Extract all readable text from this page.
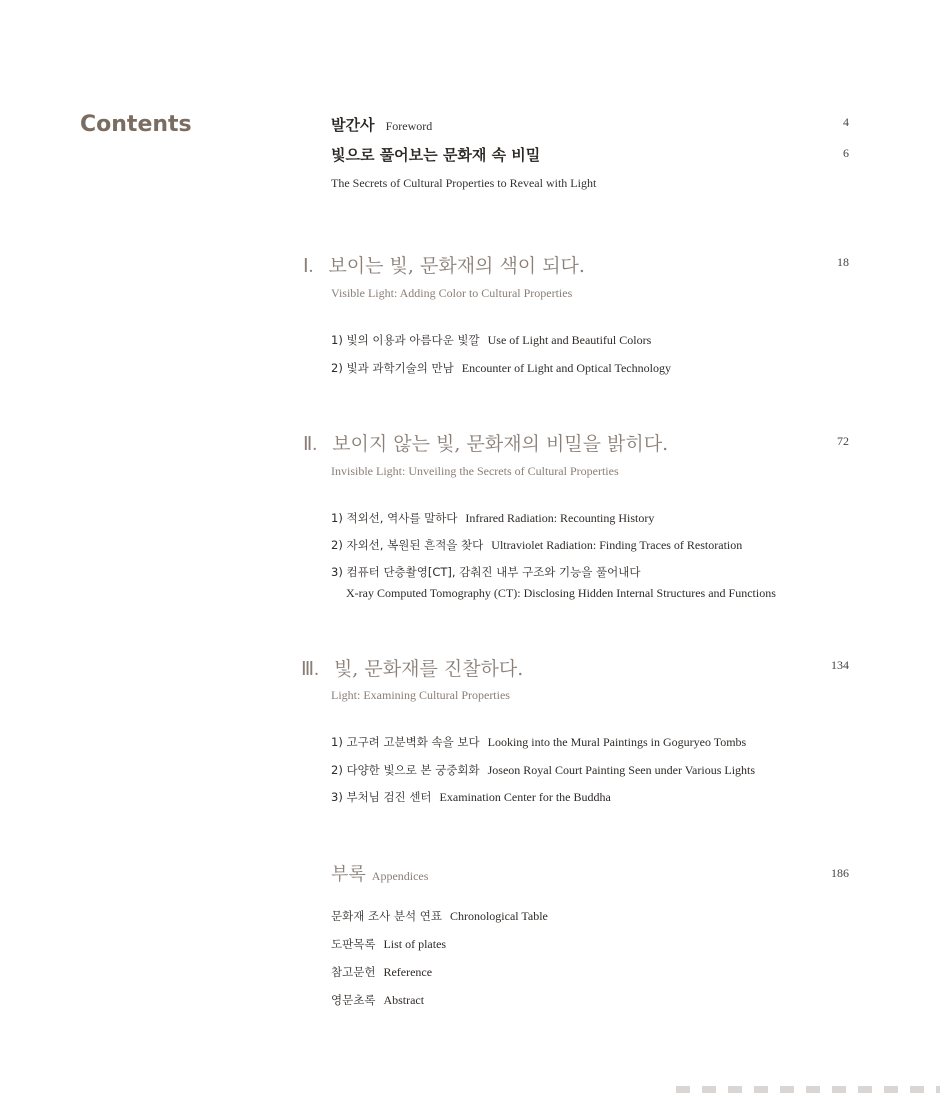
Contents	발간사 Foreword	4
빛으로 풀어보는 문화재 속 비밀	6
The Secrets of Cultural Properties to Reveal with Light
Ⅰ. 보이는 빛, 문화재의 색이 되다.	18
Visible Light: Adding Color to Cultural Properties
1) 빛의 이용과 아름다운 빛깔 Use of Light and Beautiful Colors
2) 빛과 과학기술의 만남 Encounter of Light and Optical Technology
Ⅱ. 보이지 않는 빛, 문화재의 비밀을 밝히다.	72
Invisible Light: Unveiling the Secrets of Cultural Properties
1) 적외선, 역사를 말하다 Infrared Radiation: Recounting History
2) 자외선, 복원된 흔적을 찾다 Ultraviolet Radiation: Finding Traces of Restoration
3) 컴퓨터 단층촬영[CT], 감춰진 내부 구조와 기능을 풀어내다
X-ray Computed Tomography (CT): Disclosing Hidden Internal Structures and Functions
Ⅲ. 빛, 문화재를 진찰하다.	134
Light: Examining Cultural Properties
1) 고구려 고분벽화 속을 보다 Looking into the Mural Paintings in Goguryeo Tombs
2) 다양한 빛으로 본 궁중회화 Joseon Royal Court Painting Seen under Various Lights
3) 부처님 검진 센터 Examination Center for the Buddha
부록 Appendices	186
문화재 조사 분석 연표 Chronological Table
도판목록 List of plates
참고문헌 Reference
영문초록 Abstract
